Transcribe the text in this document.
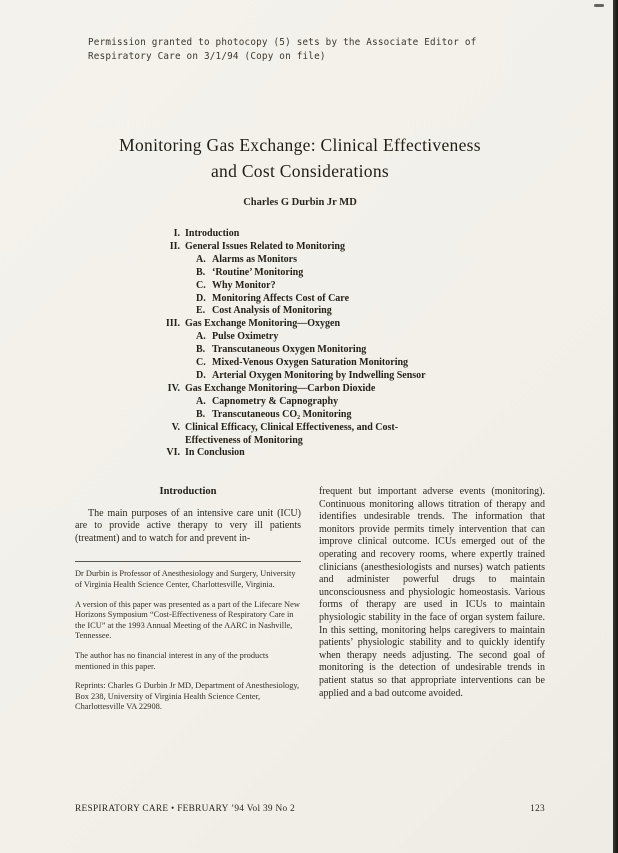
Permission granted to photocopy (5) sets by the Associate Editor of
Respiratory Care on 3/1/94 (Copy on file)
Monitoring Gas Exchange: Clinical Effectiveness
and Cost Considerations
Charles G Durbin Jr MD
I. Introduction
II. General Issues Related to Monitoring
A. Alarms as Monitors
B. ‘Routine’ Monitoring
C. Why Monitor?
D. Monitoring Affects Cost of Care
E. Cost Analysis of Monitoring
III. Gas Exchange Monitoring—Oxygen
A. Pulse Oximetry
B. Transcutaneous Oxygen Monitoring
C. Mixed-Venous Oxygen Saturation Monitoring
D. Arterial Oxygen Monitoring by Indwelling Sensor
IV. Gas Exchange Monitoring—Carbon Dioxide
A. Capnometry & Capnography
B. Transcutaneous CO₂ Monitoring
V. Clinical Efficacy, Clinical Effectiveness, and Cost-Effectiveness of Monitoring
VI. In Conclusion
Introduction

The main purposes of an intensive care unit (ICU) are to provide active therapy to very ill patients (treatment) and to watch for and prevent in-

Dr Durbin is Professor of Anesthesiology and Surgery, University of Virginia Health Science Center, Charlottesville, Virginia.

A version of this paper was presented as a part of the Lifecare New Horizons Symposium “Cost-Effectiveness of Respiratory Care in the ICU” at the 1993 Annual Meeting of the AARC in Nashville, Tennessee.

The author has no financial interest in any of the products mentioned in this paper.

Reprints: Charles G Durbin Jr MD, Department of Anesthesiology, Box 238, University of Virginia Health Science Center, Charlottesville VA 22908.

frequent but important adverse events (monitoring). Continuous monitoring allows titration of therapy and identifies undesirable trends. The information that monitors provide permits timely intervention that can improve clinical outcome. ICUs emerged out of the operating and recovery rooms, where expertly trained clinicians (anesthesiologists and nurses) watch patients and administer powerful drugs to maintain unconsciousness and physiologic homeostasis. Various forms of therapy are used in ICUs to maintain physiologic stability in the face of organ system failure. In this setting, monitoring helps caregivers to maintain patients’ physiologic stability and to quickly identify when therapy needs adjusting. The second goal of monitoring is the detection of undesirable trends in patient status so that appropriate interventions can be applied and a bad outcome avoided.

RESPIRATORY CARE • FEBRUARY ’94 Vol 39 No 2	123
